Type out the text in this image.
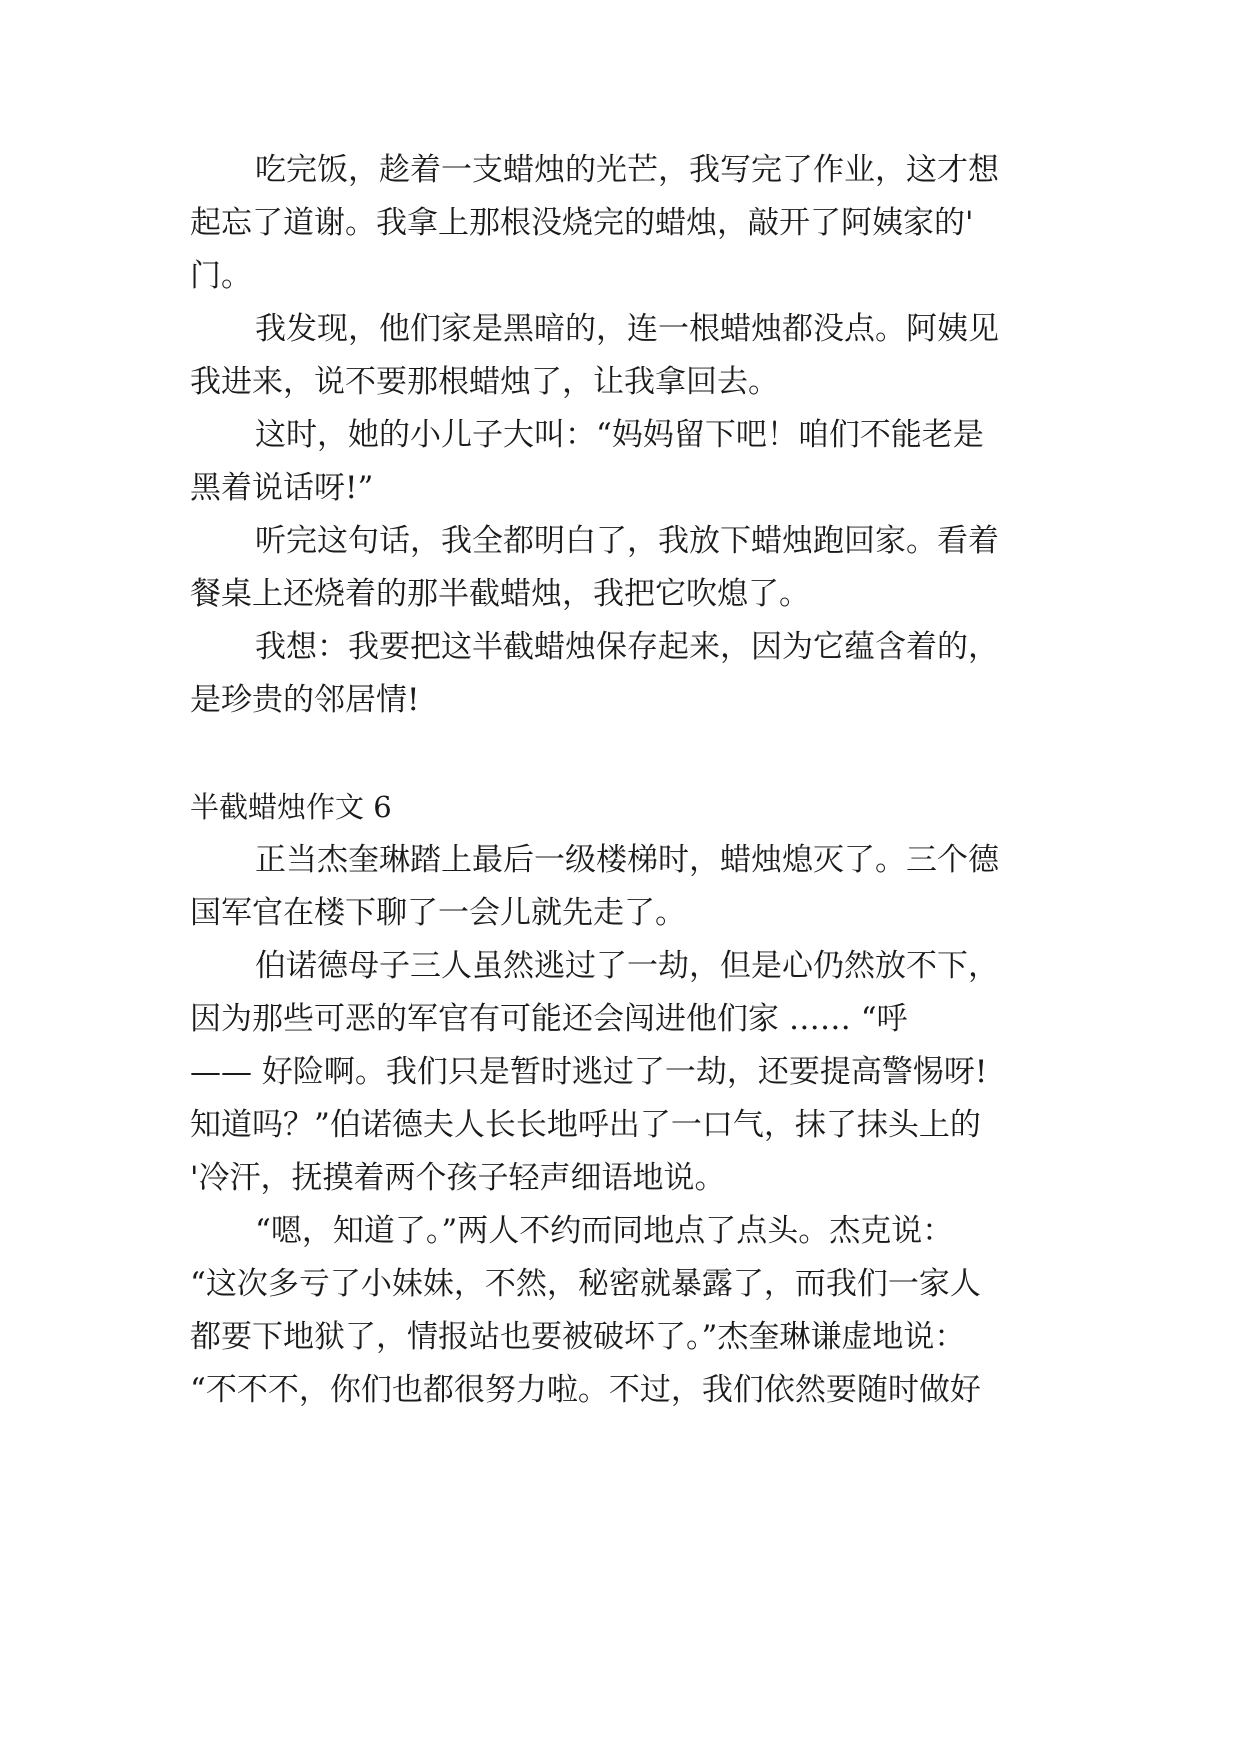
吃完饭，趁着一支蜡烛的光芒，我写完了作业，这才想
起忘了道谢。我拿上那根没烧完的蜡烛，敲开了阿姨家的'
门。
我发现，他们家是黑暗的，连一根蜡烛都没点。阿姨见
我进来，说不要那根蜡烛了，让我拿回去。
这时，她的小儿子大叫：“妈妈留下吧！咱们不能老是
黑着说话呀!”
听完这句话，我全都明白了，我放下蜡烛跑回家。看着
餐桌上还烧着的那半截蜡烛，我把它吹熄了。
我想：我要把这半截蜡烛保存起来，因为它蕴含着的，
是珍贵的邻居情!
半截蜡烛作文 6
正当杰奎琳踏上最后一级楼梯时，蜡烛熄灭了。三个德
国军官在楼下聊了一会儿就先走了。
伯诺德母子三人虽然逃过了一劫，但是心仍然放不下，
因为那些可恶的军官有可能还会闯进他们家 …… “呼
—— 好险啊。我们只是暂时逃过了一劫，还要提高警惕呀!
知道吗？”伯诺德夫人长长地呼出了一口气，抹了抹头上的
'冷汗，抚摸着两个孩子轻声细语地说。
“嗯，知道了。”两人不约而同地点了点头。杰克说：
“这次多亏了小妹妹，不然，秘密就暴露了，而我们一家人
都要下地狱了，情报站也要被破坏了。”杰奎琳谦虚地说：
“不不不，你们也都很努力啦。不过，我们依然要随时做好
